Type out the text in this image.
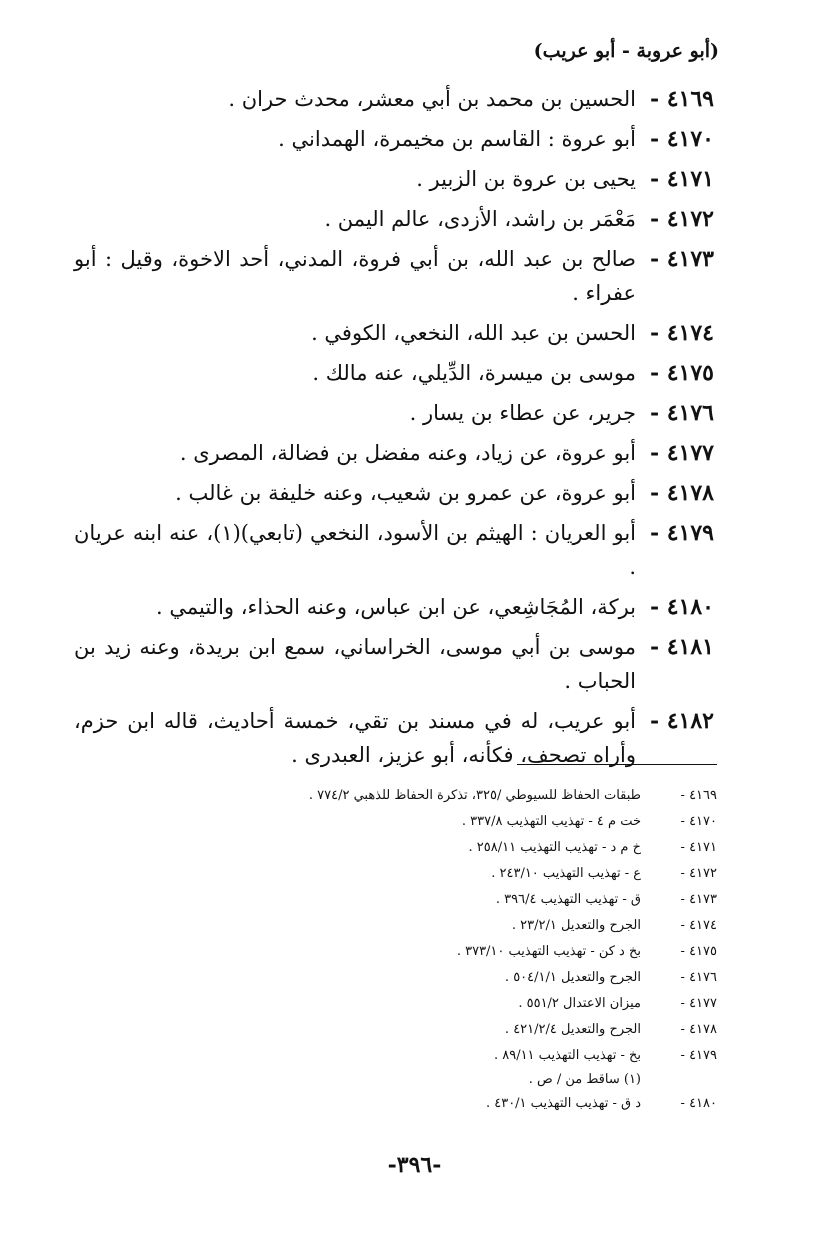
(أبو عروبة - أبو عريب)
٤١٦٩ -
الحسين بن محمد بن أبي معشر، محدث حران .
٤١٧٠ -
أبو عروة : القاسم بن مخيمرة، الهمداني .
٤١٧١ -
يحيى بن عروة بن الزبير .
٤١٧٢ -
مَعْمَر بن راشد، الأزدى، عالم اليمن .
٤١٧٣ -
صالح بن عبد الله، بن أبي فروة، المدني، أحد الاخوة، وقيل : أبو عفراء .
٤١٧٤ -
الحسن بن عبد الله، النخعي، الكوفي .
٤١٧٥ -
موسى بن ميسرة، الدِّيلي، عنه مالك .
٤١٧٦ -
جرير، عن عطاء بن يسار .
٤١٧٧ -
أبو عروة، عن زياد، وعنه مفضل بن فضالة، المصرى .
٤١٧٨ -
أبو عروة، عن عمرو بن شعيب، وعنه خليفة بن غالب .
٤١٧٩ -
أبو العريان : الهيثم بن الأسود، النخعي (تابعي)(١)، عنه ابنه عريان .
٤١٨٠ -
بركة، المُجَاشِعي، عن ابن عباس، وعنه الحذاء، والتيمي .
٤١٨١ -
موسى بن أبي موسى، الخراساني، سمع ابن بريدة، وعنه زيد بن الحباب .
٤١٨٢ -
أبو عريب، له في مسند بن تقي، خمسة أحاديث، قاله ابن حزم، وأراه تصحف، فكأنه، أبو عزيز، العبدرى .
٤١٦٩ -
طبقات الحفاظ للسيوطي /٣٢٥، تذكرة الحفاظ للذهبي ٧٧٤/٢ .
٤١٧٠ -
خت م ٤ - تهذيب التهذيب ٣٣٧/٨ .
٤١٧١ -
خ م د - تهذيب التهذيب ٢٥٨/١١ .
٤١٧٢ -
ع - تهذيب التهذيب ٢٤٣/١٠ .
٤١٧٣ -
ق - تهذيب التهذيب ٣٩٦/٤ .
٤١٧٤ -
الجرح والتعديل ٢٣/٢/١ .
٤١٧٥ -
بخ د كن - تهذيب التهذيب ٣٧٣/١٠ .
٤١٧٦ -
الجرح والتعديل ٥٠٤/١/١ .
٤١٧٧ -
ميزان الاعتدال ٥٥١/٢ .
٤١٧٨ -
الجرح والتعديل ٤٢١/٢/٤ .
٤١٧٩ -
بخ - تهذيب التهذيب ٨٩/١١ .
(١) ساقط من / ص .
٤١٨٠ -
د ق - تهذيب التهذيب ٤٣٠/١ .
-٣٩٦-
